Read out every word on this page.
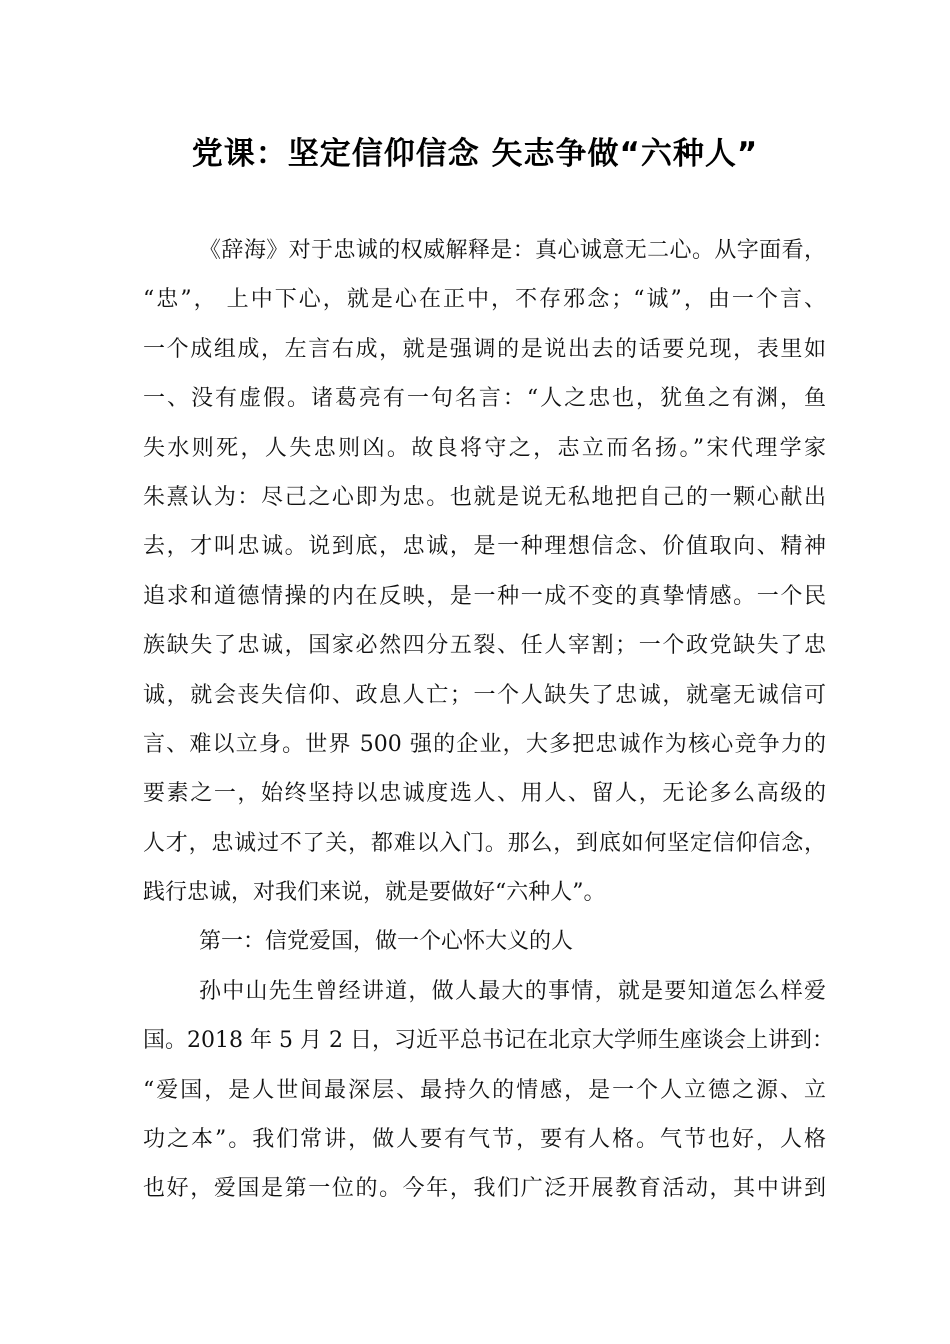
党课：坚定信仰信念 矢志争做“六种人”
《辞海》对于忠诚的权威解释是：真心诚意无二心。从字面看，
“忠”， 上中下心，就是心在正中，不存邪念；“诚”，由一个言、
一个成组成，左言右成，就是强调的是说出去的话要兑现，表里如
一、没有虚假。诸葛亮有一句名言：“人之忠也，犹鱼之有渊，鱼
失水则死，人失忠则凶。故良将守之，志立而名扬。”宋代理学家
朱熹认为：尽己之心即为忠。也就是说无私地把自己的一颗心献出
去，才叫忠诚。说到底，忠诚，是一种理想信念、价值取向、精神
追求和道德情操的内在反映，是一种一成不变的真挚情感。一个民
族缺失了忠诚，国家必然四分五裂、任人宰割；一个政党缺失了忠
诚，就会丧失信仰、政息人亡；一个人缺失了忠诚，就毫无诚信可
言、难以立身。世界 500 强的企业，大多把忠诚作为核心竞争力的
要素之一，始终坚持以忠诚度选人、用人、留人，无论多么高级的
人才，忠诚过不了关，都难以入门。那么，到底如何坚定信仰信念，
践行忠诚，对我们来说，就是要做好“六种人”。
第一：信党爱国，做一个心怀大义的人
孙中山先生曾经讲道，做人最大的事情，就是要知道怎么样爱
国。2018 年 5 月 2 日，习近平总书记在北京大学师生座谈会上讲到：
“爱国，是人世间最深层、最持久的情感，是一个人立德之源、立
功之本”。我们常讲，做人要有气节，要有人格。气节也好，人格
也好，爱国是第一位的。今年，我们广泛开展教育活动，其中讲到
